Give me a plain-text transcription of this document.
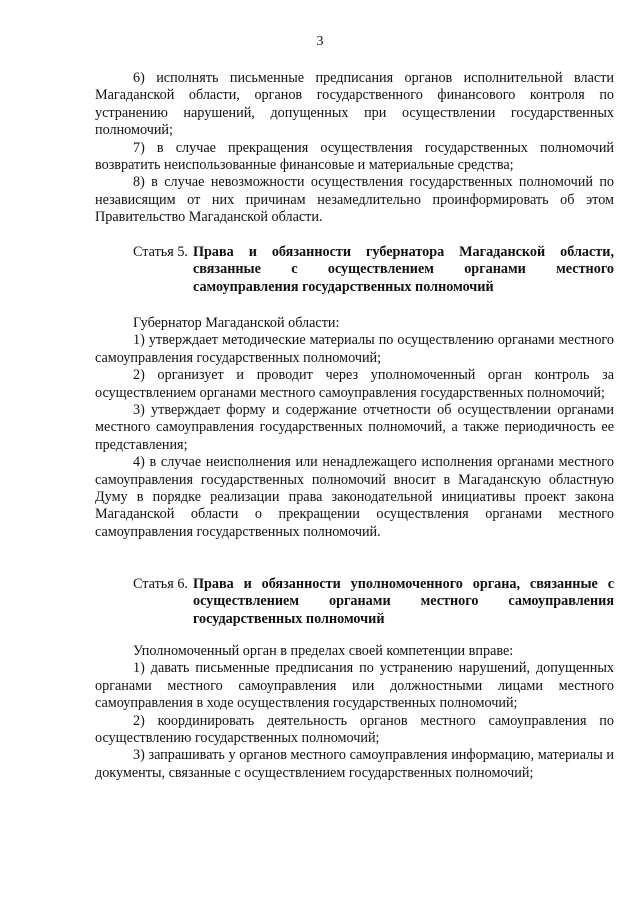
3

6) исполнять письменные предписания органов исполнительной власти Магаданской области, органов государственного финансового контроля по устранению нарушений, допущенных при осуществлении государственных полномочий;

7) в случае прекращения осуществления государственных полномочий возвратить неиспользованные финансовые и материальные средства;

8) в случае невозможности осуществления государственных полномочий по независящим от них причинам незамедлительно проинформировать об этом Правительство Магаданской области.

Статья 5. Права и обязанности губернатора Магаданской области, связанные с осуществлением органами местного самоуправления государственных полномочий

Губернатор Магаданской области:

1) утверждает методические материалы по осуществлению органами местного самоуправления государственных полномочий;

2) организует и проводит через уполномоченный орган контроль за осуществлением органами местного самоуправления государственных полномочий;

3) утверждает форму и содержание отчетности об осуществлении органами местного самоуправления государственных полномочий, а также периодичность ее представления;

4) в случае неисполнения или ненадлежащего исполнения органами местного самоуправления государственных полномочий вносит в Магаданскую областную Думу в порядке реализации права законодательной инициативы проект закона Магаданской области о прекращении осуществления органами местного самоуправления государственных полномочий.

Статья 6. Права и обязанности уполномоченного органа, связанные с осуществлением органами местного самоуправления государственных полномочий

Уполномоченный орган в пределах своей компетенции вправе:

1) давать письменные предписания по устранению нарушений, допущенных органами местного самоуправления или должностными лицами местного самоуправления в ходе осуществления государственных полномочий;

2) координировать деятельность органов местного самоуправления по осуществлению государственных полномочий;

3) запрашивать у органов местного самоуправления информацию, материалы и документы, связанные с осуществлением государственных полномочий;
